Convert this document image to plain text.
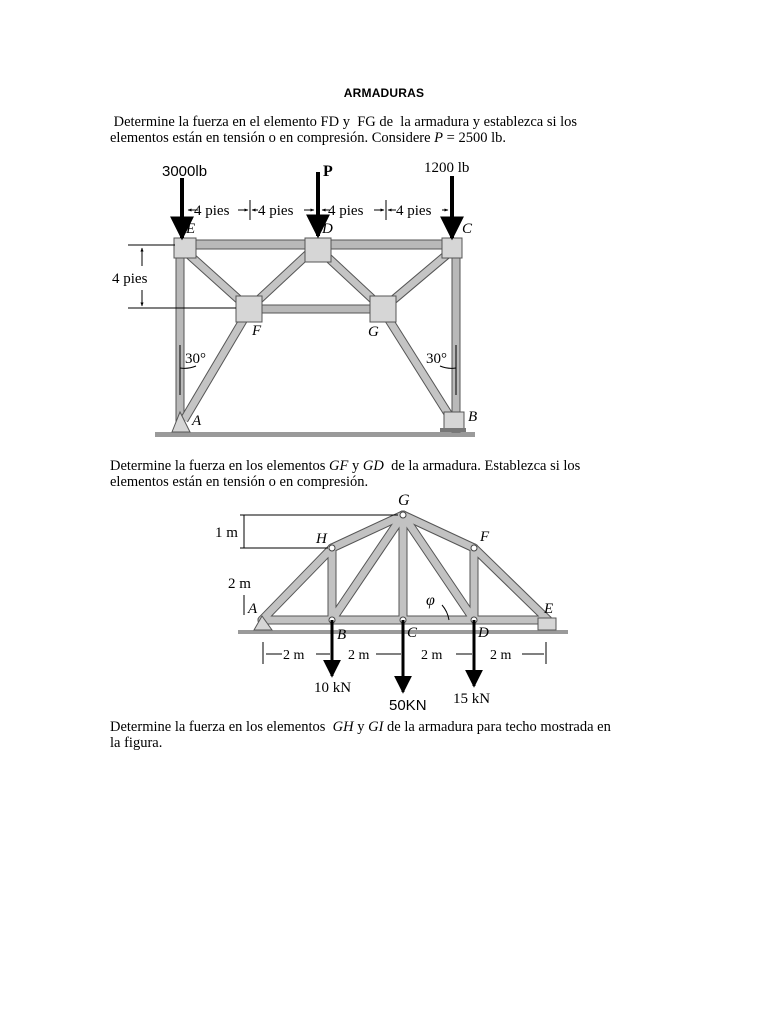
ARMADURAS
Determine la fuerza en el elemento FD y  FG de  la armadura y establezca si los
elementos están en tensión o en compresión. Considere P = 2500 lb.
3000lb	P	1200 lb
4 pies 4 pies 4 pies 4 pies
4 pies
E	D	C
F	G
A	B
30°	30°
Determine la fuerza en los elementos GF y GD  de la armadura. Establezca si los
elementos están en tensión o en compresión.
G
H	F
A
B	C	D
E
1 m
2 m
φ
2 m	2 m	2 m	2 m
10 kN
50KN 15 kN
Determine la fuerza en los elementos  GH y GI de la armadura para techo mostrada en
la figura.
